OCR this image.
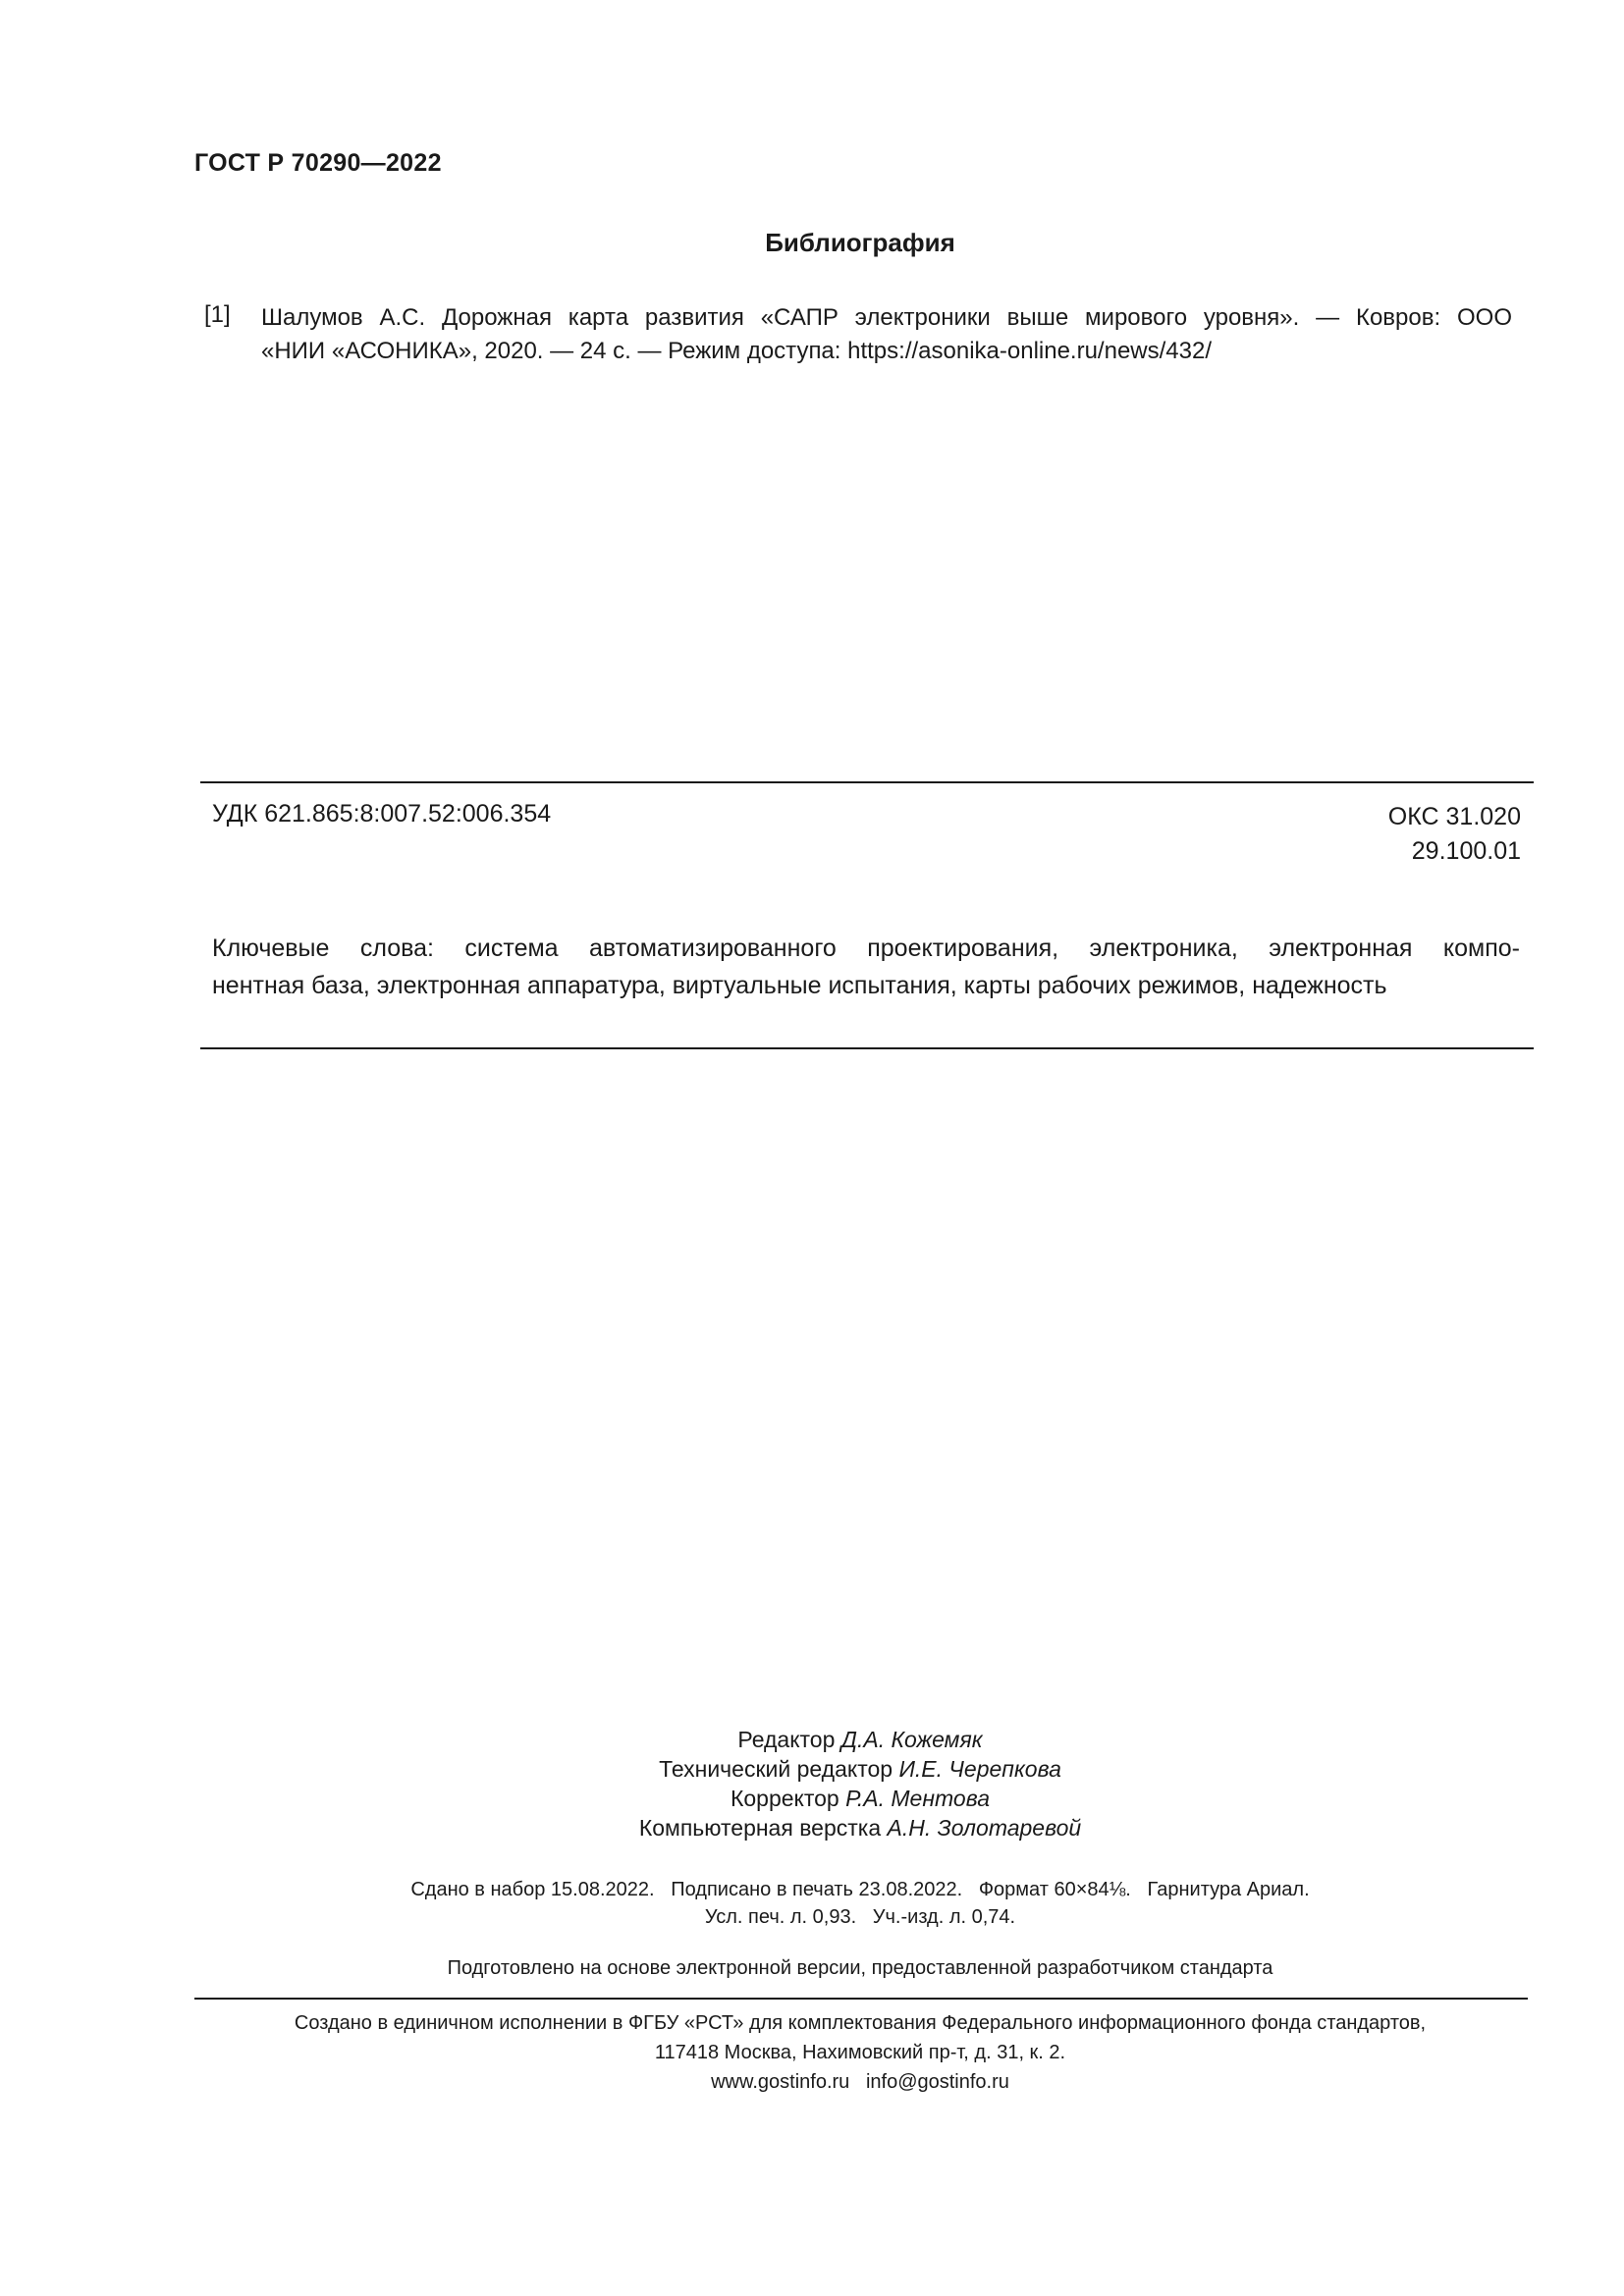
ГОСТ Р 70290—2022
Библиография
[1] Шалумов А.С. Дорожная карта развития «САПР электроники выше мирового уровня». — Ковров: ООО
«НИИ «АСОНИКА», 2020. — 24 с. — Режим доступа: https://asonika-online.ru/news/432/
УДК 621.865:8:007.52:006.354	ОКС 31.020
29.100.01
Ключевые слова: система автоматизированного проектирования, электроника, электронная компо-
нентная база, электронная аппаратура, виртуальные испытания, карты рабочих режимов, надежность
Редактор Д.А. Кожемяк
Технический редактор И.Е. Черепкова
Корректор Р.А. Ментова
Компьютерная верстка А.Н. Золотаревой
Сдано в набор 15.08.2022.   Подписано в печать 23.08.2022.   Формат 60×84⅛.   Гарнитура Ариал.
Усл. печ. л. 0,93.   Уч.-изд. л. 0,74.
Подготовлено на основе электронной версии, предоставленной разработчиком стандарта
Создано в единичном исполнении в ФГБУ «РСТ» для комплектования Федерального информационного фонда стандартов,
117418 Москва, Нахимовский пр-т, д. 31, к. 2.
www.gostinfo.ru info@gostinfo.ru
